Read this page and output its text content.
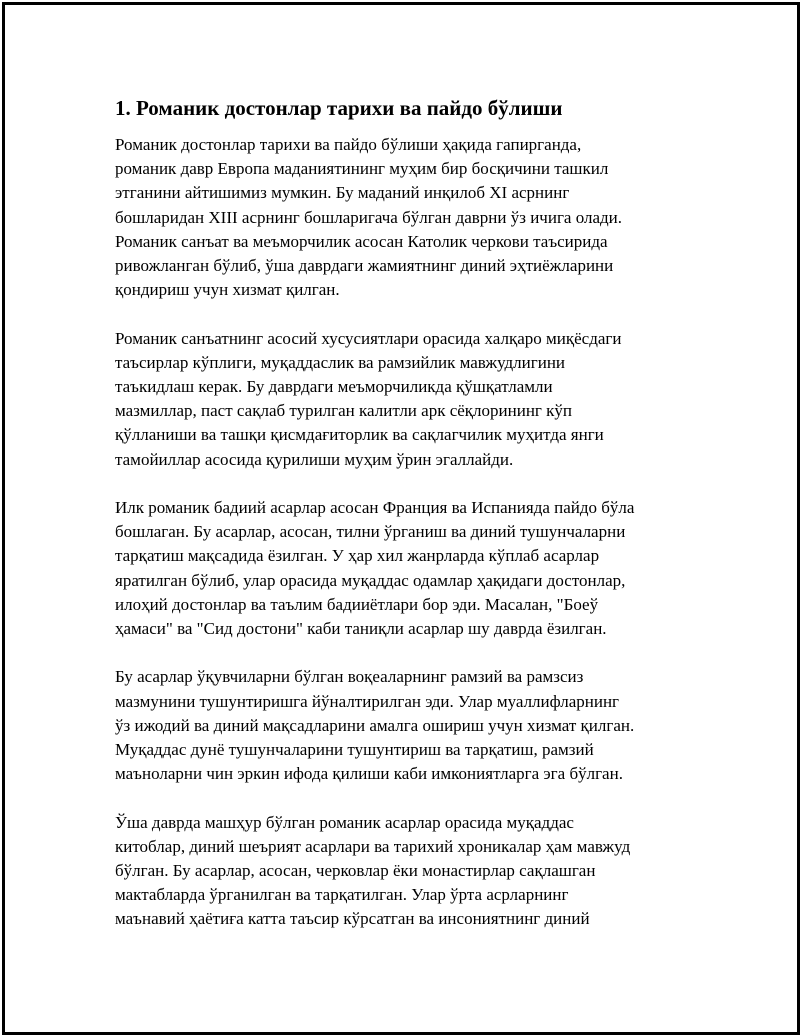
1. Романик достонлар тарихи ва пайдо бўлиши

Романик достонлар тарихи ва пайдо бўлиши ҳақида гапирганда,
романик давр Европа маданиятининг муҳим бир босқичини ташкил
этганини айтишимиз мумкин. Бу маданий инқилоб XI асрнинг
бошларидан XIII асрнинг бошларигача бўлган даврни ўз ичига олади.
Романик санъат ва меъморчилик асосан Католик черкови таъсирида
ривожланган бўлиб, ўша даврдаги жамиятнинг диний эҳтиёжларини
қондириш учун хизмат қилган.

Романик санъатнинг асосий хусусиятлари орасида халқаро миқёсдаги
таъсирлар кўплиги, муқаддаслик ва рамзийлик мавжудлигини
таъкидлаш керак. Бу даврдаги меъморчиликда қўшқатламли
мазмиллар, паст сақлаб турилган калитли арк сёқлорининг кўп
қўлланиши ва ташқи қисмдағиторлик ва сақлагчилик муҳитда янги
тамойиллар асосида қурилиши муҳим ўрин эгаллайди.

Илк романик бадиий асарлар асосан Франция ва Испанияда пайдо бўла
бошлаган. Бу асарлар, асосан, тилни ўрганиш ва диний тушунчаларни
тарқатиш мақсадида ёзилган. У ҳар хил жанрларда кўплаб асарлар
яратилган бўлиб, улар орасида муқаддас одамлар ҳақидаги достонлар,
илоҳий достонлар ва таълим бадииётлари бор эди. Масалан, "Боеў
ҳамаси" ва "Сид достони" каби таниқли асарлар шу даврда ёзилган.

Бу асарлар ўқувчиларни бўлган воқеаларнинг рамзий ва рамзсиз
мазмунини тушунтиришга йўналтирилган эди. Улар муаллифларнинг
ўз ижодий ва диний мақсадларини амалга ошириш учун хизмат қилган.
Муқаддас дунё тушунчаларини тушунтириш ва тарқатиш, рамзий
маъноларни чин эркин ифода қилиши каби имкониятларга эга бўлган.

Ўша даврда машҳур бўлган романик асарлар орасида муқаддас
китоблар, диний шеърият асарлари ва тарихий хроникалар ҳам мавжуд
бўлган. Бу асарлар, асосан, черковлар ёки монастирлар сақлашган
мактабларда ўрганилган ва тарқатилган. Улар ўрта асрларнинг
маънавий ҳаётиға катта таъсир кўрсатган ва инсониятнинг диний
